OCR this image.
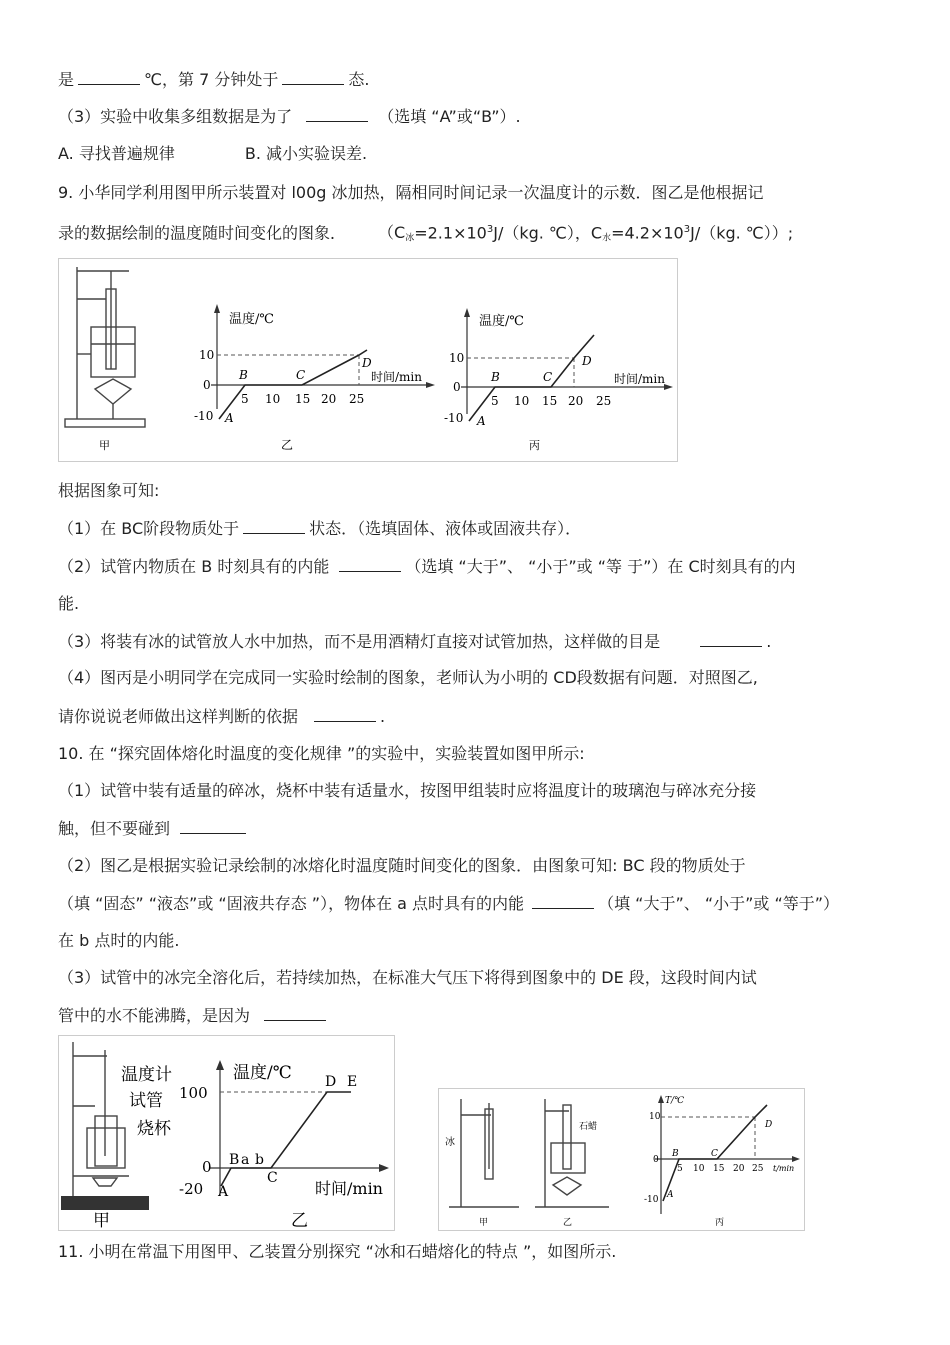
是	℃，第 7 分钟处于	态.
（3）实验中收集多组数据是为了	（选填 “A”或“B”）.
A. 寻找普遍规律	B. 减小实验误差.
9. 小华同学利用图甲所示装置对 l00g 冰加热，隔相同时间记录一次温度计的示数．图乙是他根据记
录的数据绘制的温度随时间变化的图象．	（$C_冰=2.1\times 10^3J/(kg$. ℃），$C_水=4.2\times 10^3J/(kg$. ℃））;
甲
温度/℃
时间/min
10
0
-10
5 10 15 20 25
A
B	C
D
乙
温度/℃
时间/min
10
0
-10
5 10 15 20 25
A
B	C
D
丙
根据图象可知:
（1）在 BC阶段物质处于	状态．（选填固体、液体或固液共存）．
（2）试管内物质在 B 时刻具有的内能	（选填 “大于”、 “小于”或 “等 于”）在 C时刻具有的内
能.
（3）将装有冰的试管放人水中加热，而不是用酒精灯直接对试管加热，这样做的目是	.
（4）图丙是小明同学在完成同一实验时绘制的图象，老师认为小明的 CD段数据有问题．对照图乙,
请你说说老师做出这样判断的依据	.
10. 在 “探究固体熔化时温度的变化规律 ”的实验中，实验装置如图甲所示:
（1）试管中装有适量的碎冰，烧杯中装有适量水，按图甲组装时应将温度计的玻璃泡与碎冰充分接
触，但不要碰到
（2）图乙是根据实验记录绘制的冰熔化时温度随时间变化的图象．由图象可知: BC 段的物质处于
（填 “固态” “液态”或 “固液共存态 ”），物体在 a 点时具有的内能	（填 “大于”、 “小于”或 “等于”）
在 b 点时的内能.
（3）试管中的冰完全溶化后，若持续加热，在标准大气压下将得到图象中的 DE 段，这段时间内试
管中的水不能沸腾，是因为
温度计
试管
烧杯
甲
温度/℃
时间/min
100
0
-20 A
B a b
C
D E
乙
冰
甲
石蜡
乙
T/℃
t/min
10
0
-10
5 10 15 20 25
A
B	C
D
丙
11. 小明在常温下用图甲、乙装置分别探究 “冰和石蜡熔化的特点 ”，如图所示.
